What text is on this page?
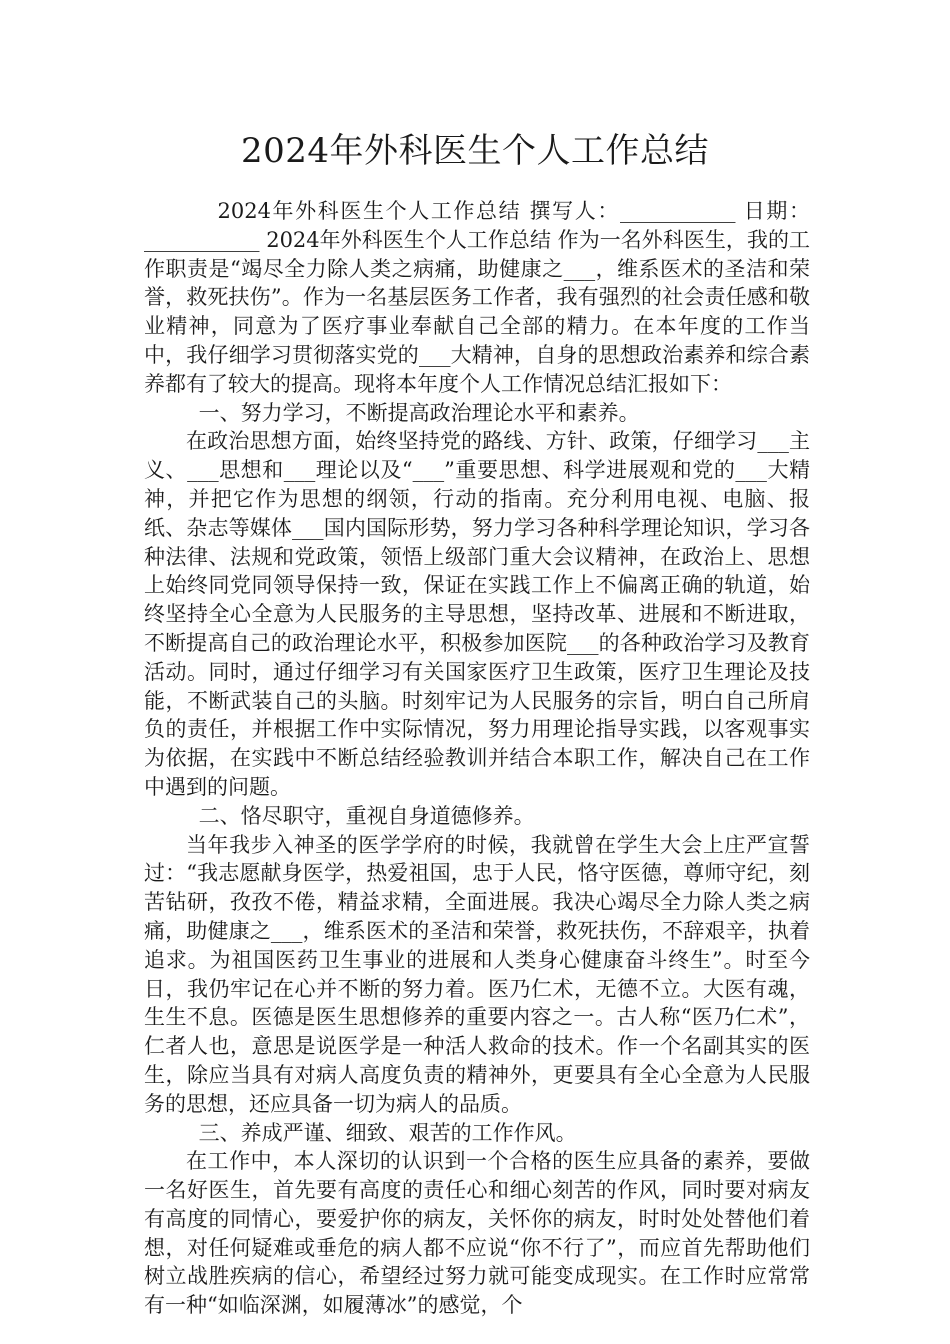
2024年外科医生个人工作总结

2024年外科医生个人工作总结 撰写人：___________ 日期：___________ 2024年外科医生个人工作总结 作为一名外科医生，我的工作职责是“竭尽全力除人类之病痛，助健康之___，维系医术的圣洁和荣誉，救死扶伤”。作为一名基层医务工作者，我有强烈的社会责任感和敬业精神，同意为了医疗事业奉献自己全部的精力。在本年度的工作当中，我仔细学习贯彻落实党的___大精神，自身的思想政治素养和综合素养都有了较大的提高。现将本年度个人工作情况总结汇报如下：

一、努力学习，不断提高政治理论水平和素养。

在政治思想方面，始终坚持党的路线、方针、政策，仔细学习___主义、___思想和___理论以及“___”重要思想、科学进展观和党的___大精神，并把它作为思想的纲领，行动的指南。充分利用电视、电脑、报纸、杂志等媒体___国内国际形势，努力学习各种科学理论知识，学习各种法律、法规和党政策，领悟上级部门重大会议精神，在政治上、思想上始终同党同领导保持一致，保证在实践工作上不偏离正确的轨道，始终坚持全心全意为人民服务的主导思想，坚持改革、进展和不断进取，不断提高自己的政治理论水平，积极参加医院___的各种政治学习及教育活动。同时，通过仔细学习有关国家医疗卫生政策，医疗卫生理论及技能，不断武装自己的头脑。时刻牢记为人民服务的宗旨，明白自己所肩负的责任，并根据工作中实际情况，努力用理论指导实践，以客观事实为依据，在实践中不断总结经验教训并结合本职工作，解决自己在工作中遇到的问题。

二、恪尽职守，重视自身道德修养。

当年我步入神圣的医学学府的时候，我就曾在学生大会上庄严宣誓过：“我志愿献身医学，热爱祖国，忠于人民，恪守医德，尊师守纪，刻苦钻研，孜孜不倦，精益求精，全面进展。我决心竭尽全力除人类之病痛，助健康之___，维系医术的圣洁和荣誉，救死扶伤，不辞艰辛，执着追求。为祖国医药卫生事业的进展和人类身心健康奋斗终生”。时至今日，我仍牢记在心并不断的努力着。医乃仁术，无德不立。大医有魂，生生不息。医德是医生思想修养的重要内容之一。古人称“医乃仁术”，仁者人也，意思是说医学是一种活人救命的技术。作一个名副其实的医生，除应当具有对病人高度负责的精神外，更要具有全心全意为人民服务的思想，还应具备一切为病人的品质。

三、养成严谨、细致、艰苦的工作作风。

在工作中，本人深切的认识到一个合格的医生应具备的素养，要做一名好医生，首先要有高度的责任心和细心刻苦的作风，同时要对病友有高度的同情心，要爱护你的病友，关怀你的病友，时时处处替他们着想，对任何疑难或垂危的病人都不应说“你不行了”，而应首先帮助他们树立战胜疾病的信心，希望经过努力就可能变成现实。在工作时应常常有一种“如临深渊，如履薄冰”的感觉，个
